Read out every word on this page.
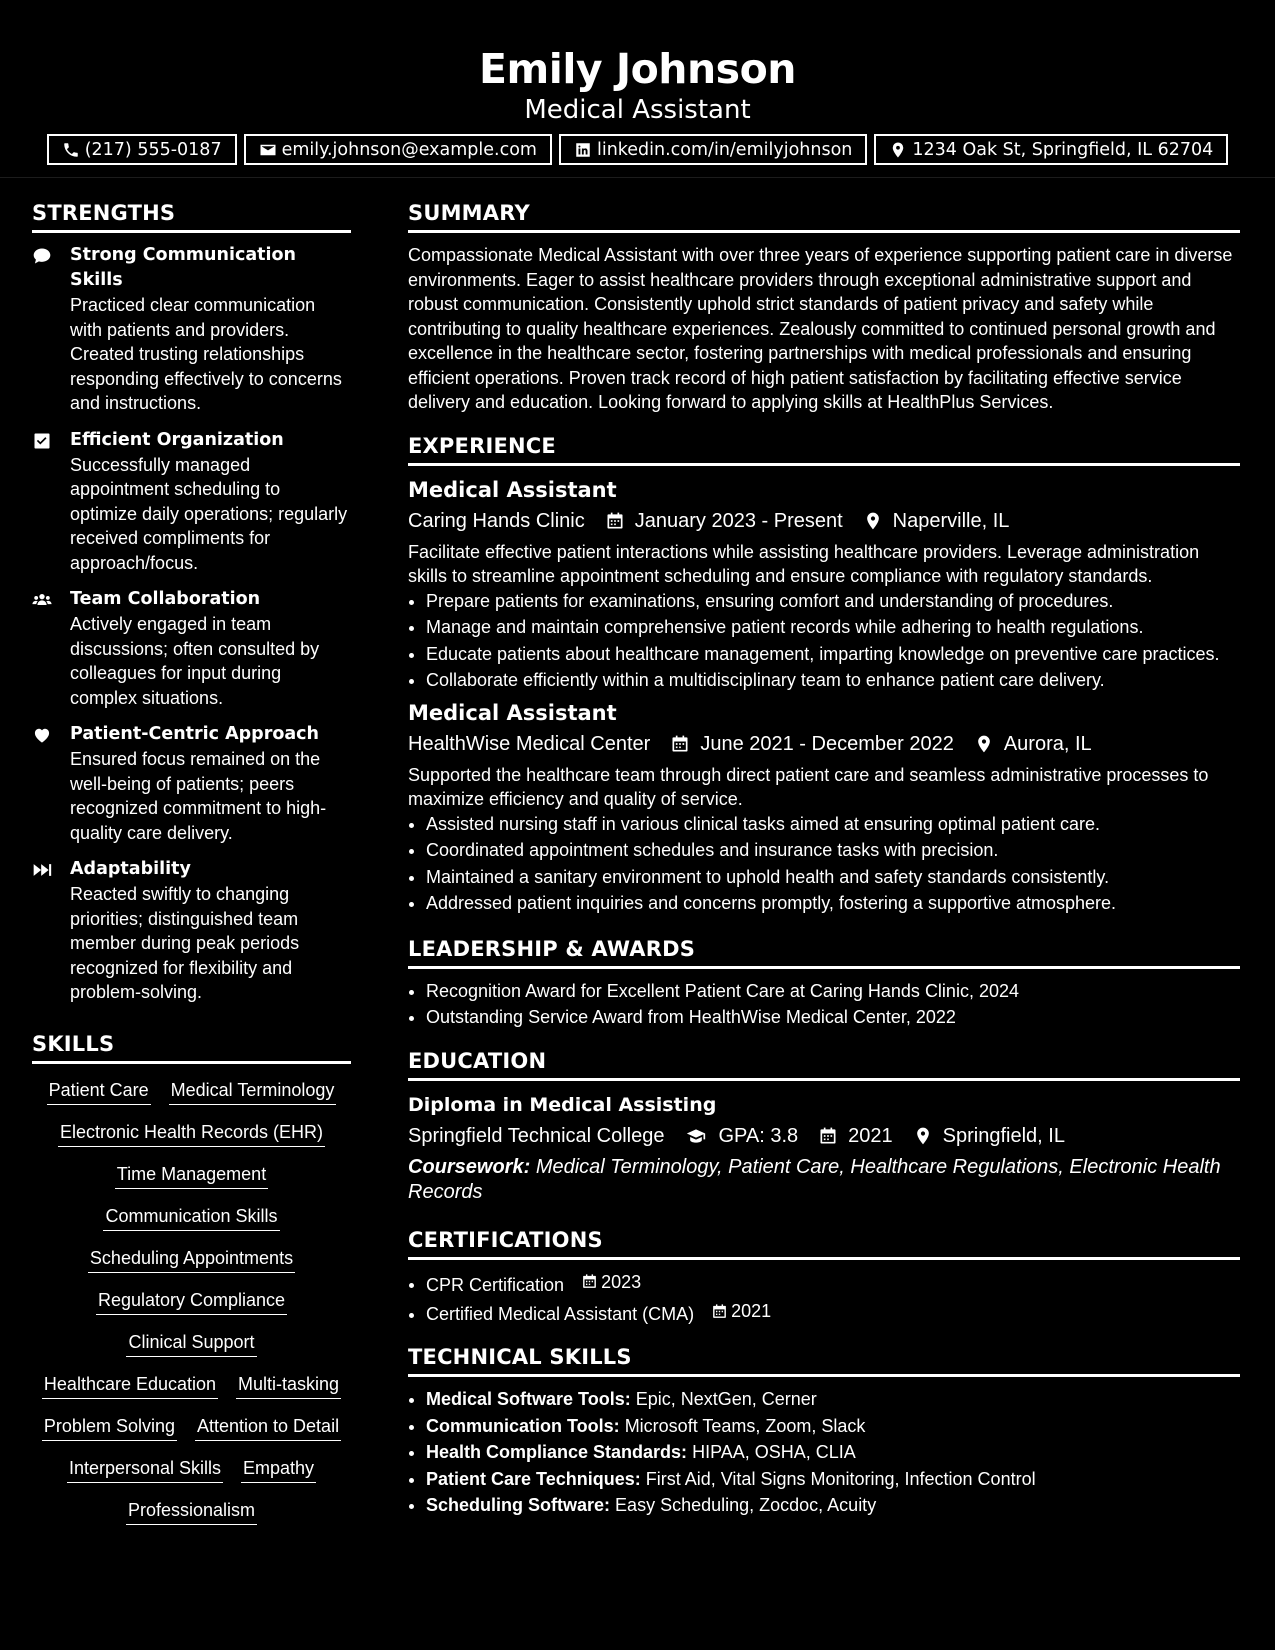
Emily Johnson
Medical Assistant
(217) 555-0187	emily.johnson@example.com	linkedin.com/in/emilyjohnson	1234 Oak St, Springfield, IL 62704
STRENGTHS
Strong Communication Skills
Practiced clear communication with patients and providers. Created trusting relationships responding effectively to concerns and instructions.
Efficient Organization
Successfully managed appointment scheduling to optimize daily operations; regularly received compliments for approach/focus.
Team Collaboration
Actively engaged in team discussions; often consulted by colleagues for input during complex situations.
Patient-Centric Approach
Ensured focus remained on the well-being of patients; peers recognized commitment to high-quality care delivery.
Adaptability
Reacted swiftly to changing priorities; distinguished team member during peak periods recognized for flexibility and problem-solving.
SKILLS
Patient Care Medical Terminology
Electronic Health Records (EHR)
Time Management
Communication Skills
Scheduling Appointments
Regulatory Compliance
Clinical Support
Healthcare Education Multi-tasking
Problem Solving Attention to Detail
Interpersonal Skills Empathy
Professionalism
SUMMARY

Compassionate Medical Assistant with over three years of experience supporting patient care in diverse environments. Eager to assist healthcare providers through exceptional administrative support and robust communication. Consistently uphold strict standards of patient privacy and safety while contributing to quality healthcare experiences. Zealously committed to continued personal growth and excellence in the healthcare sector, fostering partnerships with medical professionals and ensuring efficient operations. Proven track record of high patient satisfaction by facilitating effective service delivery and education. Looking forward to applying skills at HealthPlus Services.

EXPERIENCE
Medical Assistant
Caring Hands Clinic	January 2023 - Present	Naperville, IL

Facilitate effective patient interactions while assisting healthcare providers. Leverage administration skills to streamline appointment scheduling and ensure compliance with regulatory standards.

• Prepare patients for examinations, ensuring comfort and understanding of procedures.
• Manage and maintain comprehensive patient records while adhering to health regulations.
• Educate patients about healthcare management, imparting knowledge on preventive care practices.
• Collaborate efficiently within a multidisciplinary team to enhance patient care delivery.
Medical Assistant
HealthWise Medical Center	June 2021 - December 2022	Aurora, IL

Supported the healthcare team through direct patient care and seamless administrative processes to maximize efficiency and quality of service.

• Assisted nursing staff in various clinical tasks aimed at ensuring optimal patient care.
• Coordinated appointment schedules and insurance tasks with precision.
• Maintained a sanitary environment to uphold health and safety standards consistently.
• Addressed patient inquiries and concerns promptly, fostering a supportive atmosphere.
LEADERSHIP & AWARDS
• Recognition Award for Excellent Patient Care at Caring Hands Clinic, 2024
• Outstanding Service Award from HealthWise Medical Center, 2022
EDUCATION
Diploma in Medical Assisting
Springfield Technical College	GPA: 3.8	2021	Springfield, IL

Coursework: Medical Terminology, Patient Care, Healthcare Regulations, Electronic Health Records

CERTIFICATIONS
• CPR Certification 2023
• Certified Medical Assistant (CMA) 2021
TECHNICAL SKILLS
• Medical Software Tools: Epic, NextGen, Cerner
• Communication Tools: Microsoft Teams, Zoom, Slack
• Health Compliance Standards: HIPAA, OSHA, CLIA
• Patient Care Techniques: First Aid, Vital Signs Monitoring, Infection Control
• Scheduling Software: Easy Scheduling, Zocdoc, Acuity
